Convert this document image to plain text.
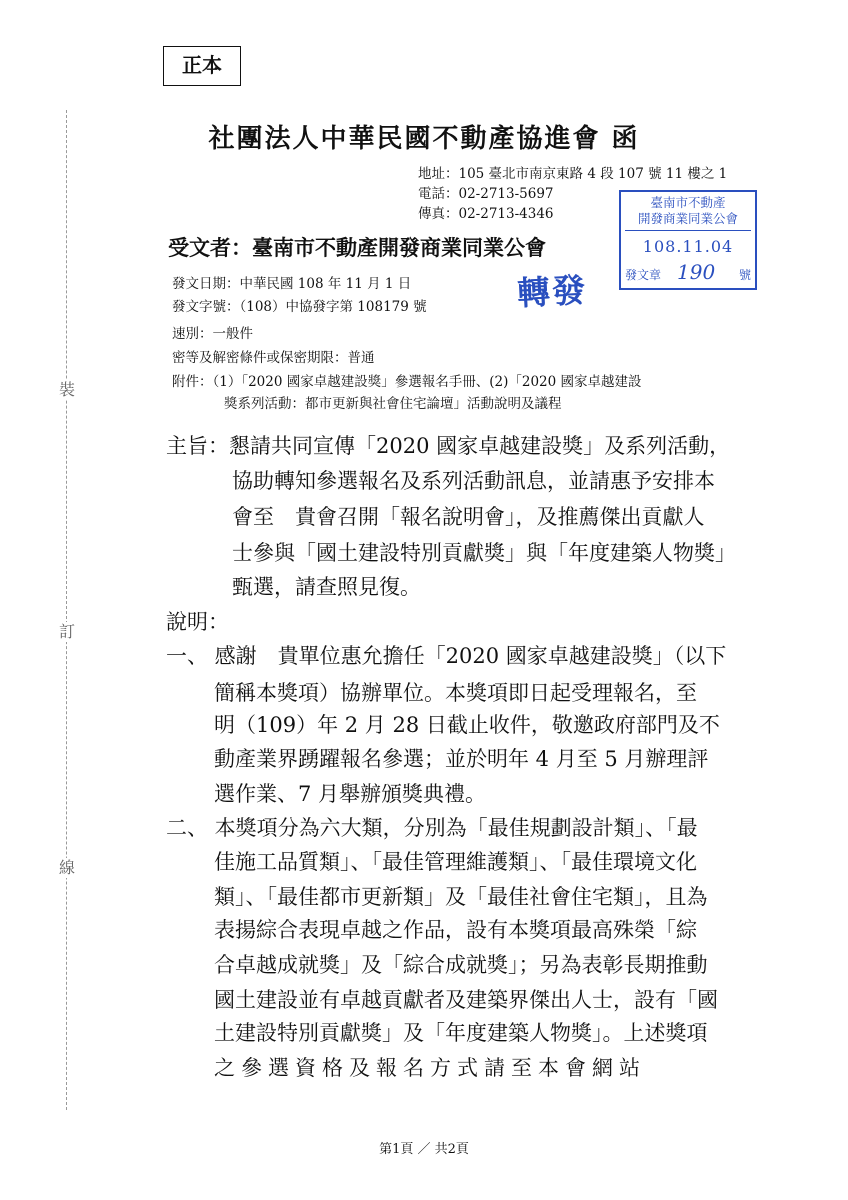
正本
裝
訂
線
社團法人中華民國不動產協進會 函
地址：105 臺北市南京東路 4 段 107 號 11 樓之 1
電話：02-2713-5697
傳真：02-2713-4346
臺南市不動產
開發商業同業公會
108.11.04
發文章 190 號
受文者：臺南市不動產開發商業同業公會
轉發
發文日期：中華民國 108 年 11 月 1 日
發文字號：（108）中協發字第 108179 號
速別：一般件
密等及解密條件或保密期限：普通
附件：（1）「2020 國家卓越建設獎」參選報名手冊、(2)「2020 國家卓越建設
獎系列活動：都市更新與社會住宅論壇」活動說明及議程
主旨：懇請共同宣傳「2020 國家卓越建設獎」及系列活動，
協助轉知參選報名及系列活動訊息，並請惠予安排本
會至　貴會召開「報名說明會」，及推薦傑出貢獻人
士參與「國土建設特別貢獻獎」與「年度建築人物獎」
甄選，請查照見復。
說明：
一、 感謝　貴單位惠允擔任「2020 國家卓越建設獎」（以下
簡稱本獎項）協辦單位。本獎項即日起受理報名，至
明（109）年 2 月 28 日截止收件，敬邀政府部門及不
動產業界踴躍報名參選；並於明年 4 月至 5 月辦理評
選作業、7 月舉辦頒獎典禮。
二、 本獎項分為六大類，分別為「最佳規劃設計類」、「最
佳施工品質類」、「最佳管理維護類」、「最佳環境文化
類」、「最佳都市更新類」及「最佳社會住宅類」，且為
表揚綜合表現卓越之作品，設有本獎項最高殊榮「綜
合卓越成就獎」及「綜合成就獎」；另為表彰長期推動
國土建設並有卓越貢獻者及建築界傑出人士，設有「國
土建設特別貢獻獎」及「年度建築人物獎」。上述獎項
之參選資格及報名方式請至本會網站
第1頁 ／ 共2頁
